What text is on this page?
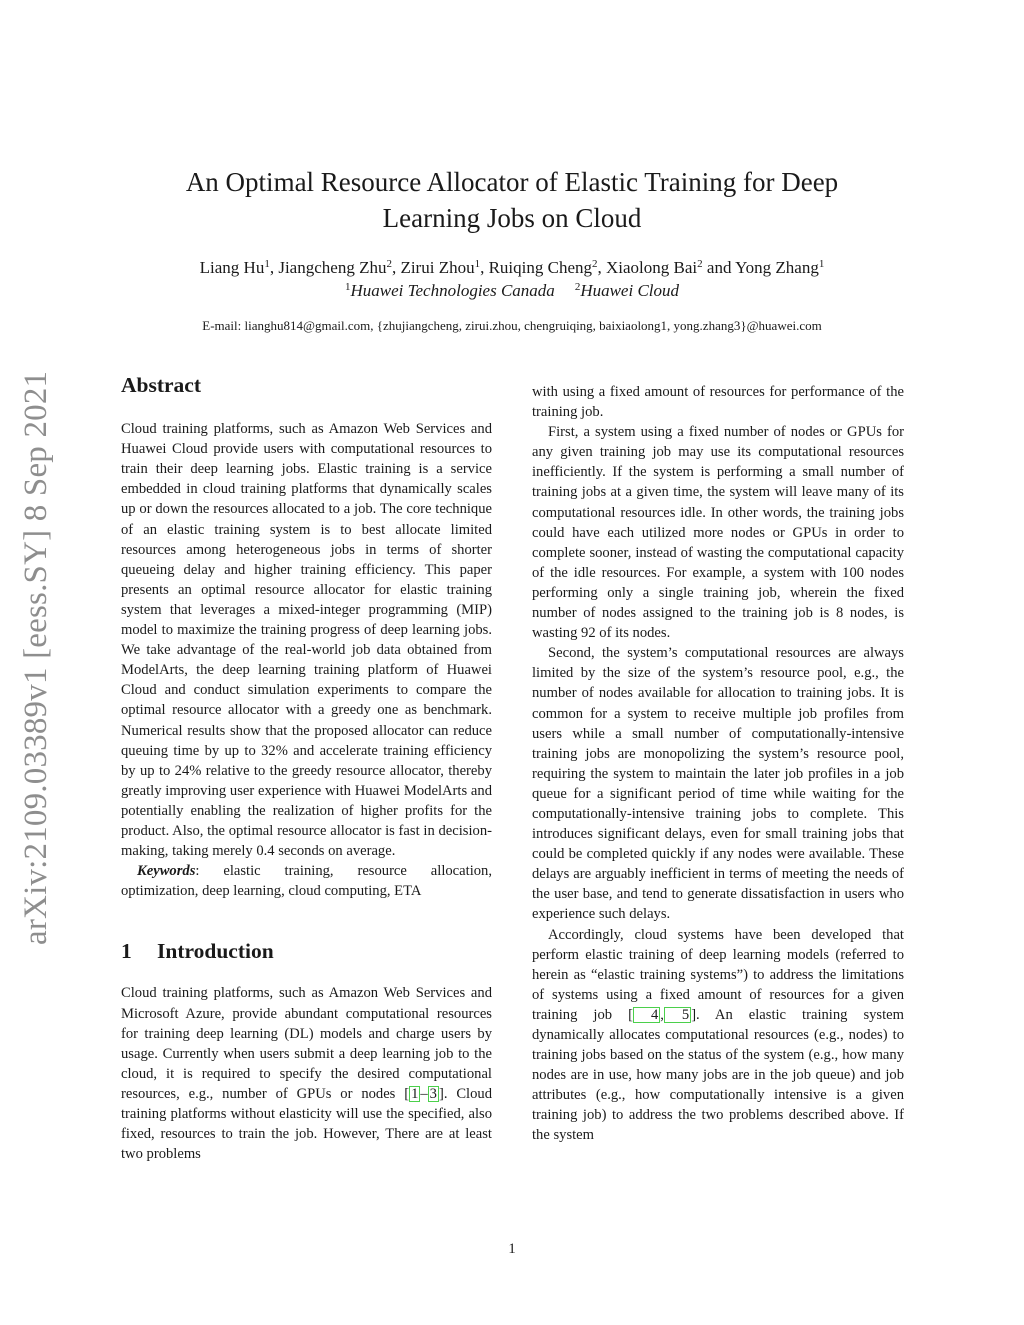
An Optimal Resource Allocator of Elastic Training for Deep
Learning Jobs on Cloud
Liang Hu$^1$, Jiangcheng Zhu$^2$, Zirui Zhou$^1$, Ruiqing Cheng$^2$, Xiaolong Bai$^2$ and Yong Zhang$^1$
$^1$Huawei Technologies Canada $^2$Huawei Cloud
E-mail: lianghu814@gmail.com, {zhujiangcheng, zirui.zhou, chengruiqing, baixiaolong1, yong.zhang3}@huawei.com
arXiv:2109.03389v1 [eess.SY] 8 Sep 2021	Abstract

Cloud training platforms, such as Amazon Web Services and Huawei Cloud provide users with computational resources to train their deep learning jobs. Elastic training is a service embedded in cloud training platforms that dynamically scales up or down the resources allocated to a job. The core technique of an elastic training system is to best allocate limited resources among heterogeneous jobs in terms of shorter queueing delay and higher training efficiency. This paper presents an optimal resource allocator for elastic training system that leverages a mixed-integer programming (MIP) model to maximize the training progress of deep learning jobs. We take advantage of the real-world job data obtained from ModelArts, the deep learning training platform of Huawei Cloud and conduct simulation experiments to compare the optimal resource allocator with a greedy one as benchmark. Numerical results show that the proposed allocator can reduce queuing time by up to 32% and accelerate training efficiency by up to 24% relative to the greedy resource allocator, thereby greatly improving user experience with Huawei ModelArts and potentially enabling the realization of higher profits for the product. Also, the optimal resource allocator is fast in decision-making, taking merely 0.4 seconds on average.

Keywords: elastic training, resource allocation, optimization, deep learning, cloud computing, ETA

1 Introduction

Cloud training platforms, such as Amazon Web Services and Microsoft Azure, provide abundant computational resources for training deep learning (DL) models and charge users by usage. Currently when users submit a deep learning job to the cloud, it is required to specify the desired computational resources, e.g., number of GPUs or nodes [ 1 – 3 ]. Cloud training platforms without elasticity will use the specified, also fixed, resources to train the job. However, There are at least two problems

with using a fixed amount of resources for performance of the training job.

First, a system using a fixed number of nodes or GPUs for any given training job may use its computational resources inefficiently. If the system is performing a small number of training jobs at a given time, the system will leave many of its computational resources idle. In other words, the training jobs could have each utilized more nodes or GPUs in order to complete sooner, instead of wasting the computational capacity of the idle resources. For example, a system with 100 nodes performing only a single training job, wherein the fixed number of nodes assigned to the training job is 8 nodes, is wasting 92 of its nodes.

Second, the system’s computational resources are always limited by the size of the system’s resource pool, e.g., the number of nodes available for allocation to training jobs. It is common for a system to receive multiple job profiles from users while a small number of computationally-intensive training jobs are monopolizing the system’s resource pool, requiring the system to maintain the later job profiles in a job queue for a significant period of time while waiting for the computationally-intensive training jobs to complete. This introduces significant delays, even for small training jobs that could be completed quickly if any nodes were available. These delays are arguably inefficient in terms of meeting the needs of the user base, and tend to generate dissatisfaction in users who experience such delays.

Accordingly, cloud systems have been developed that perform elastic training of deep learning models (referred to herein as “elastic training systems”) to address the limitations of systems using a fixed amount of resources for a given training job [ 4 , 5 ]. An elastic training system dynamically allocates computational resources (e.g., nodes) to training jobs based on the status of the system (e.g., how many nodes are in use, how many jobs are in the job queue) and job attributes (e.g., how computationally intensive is a given training job) to address the two problems described above. If the system

1
